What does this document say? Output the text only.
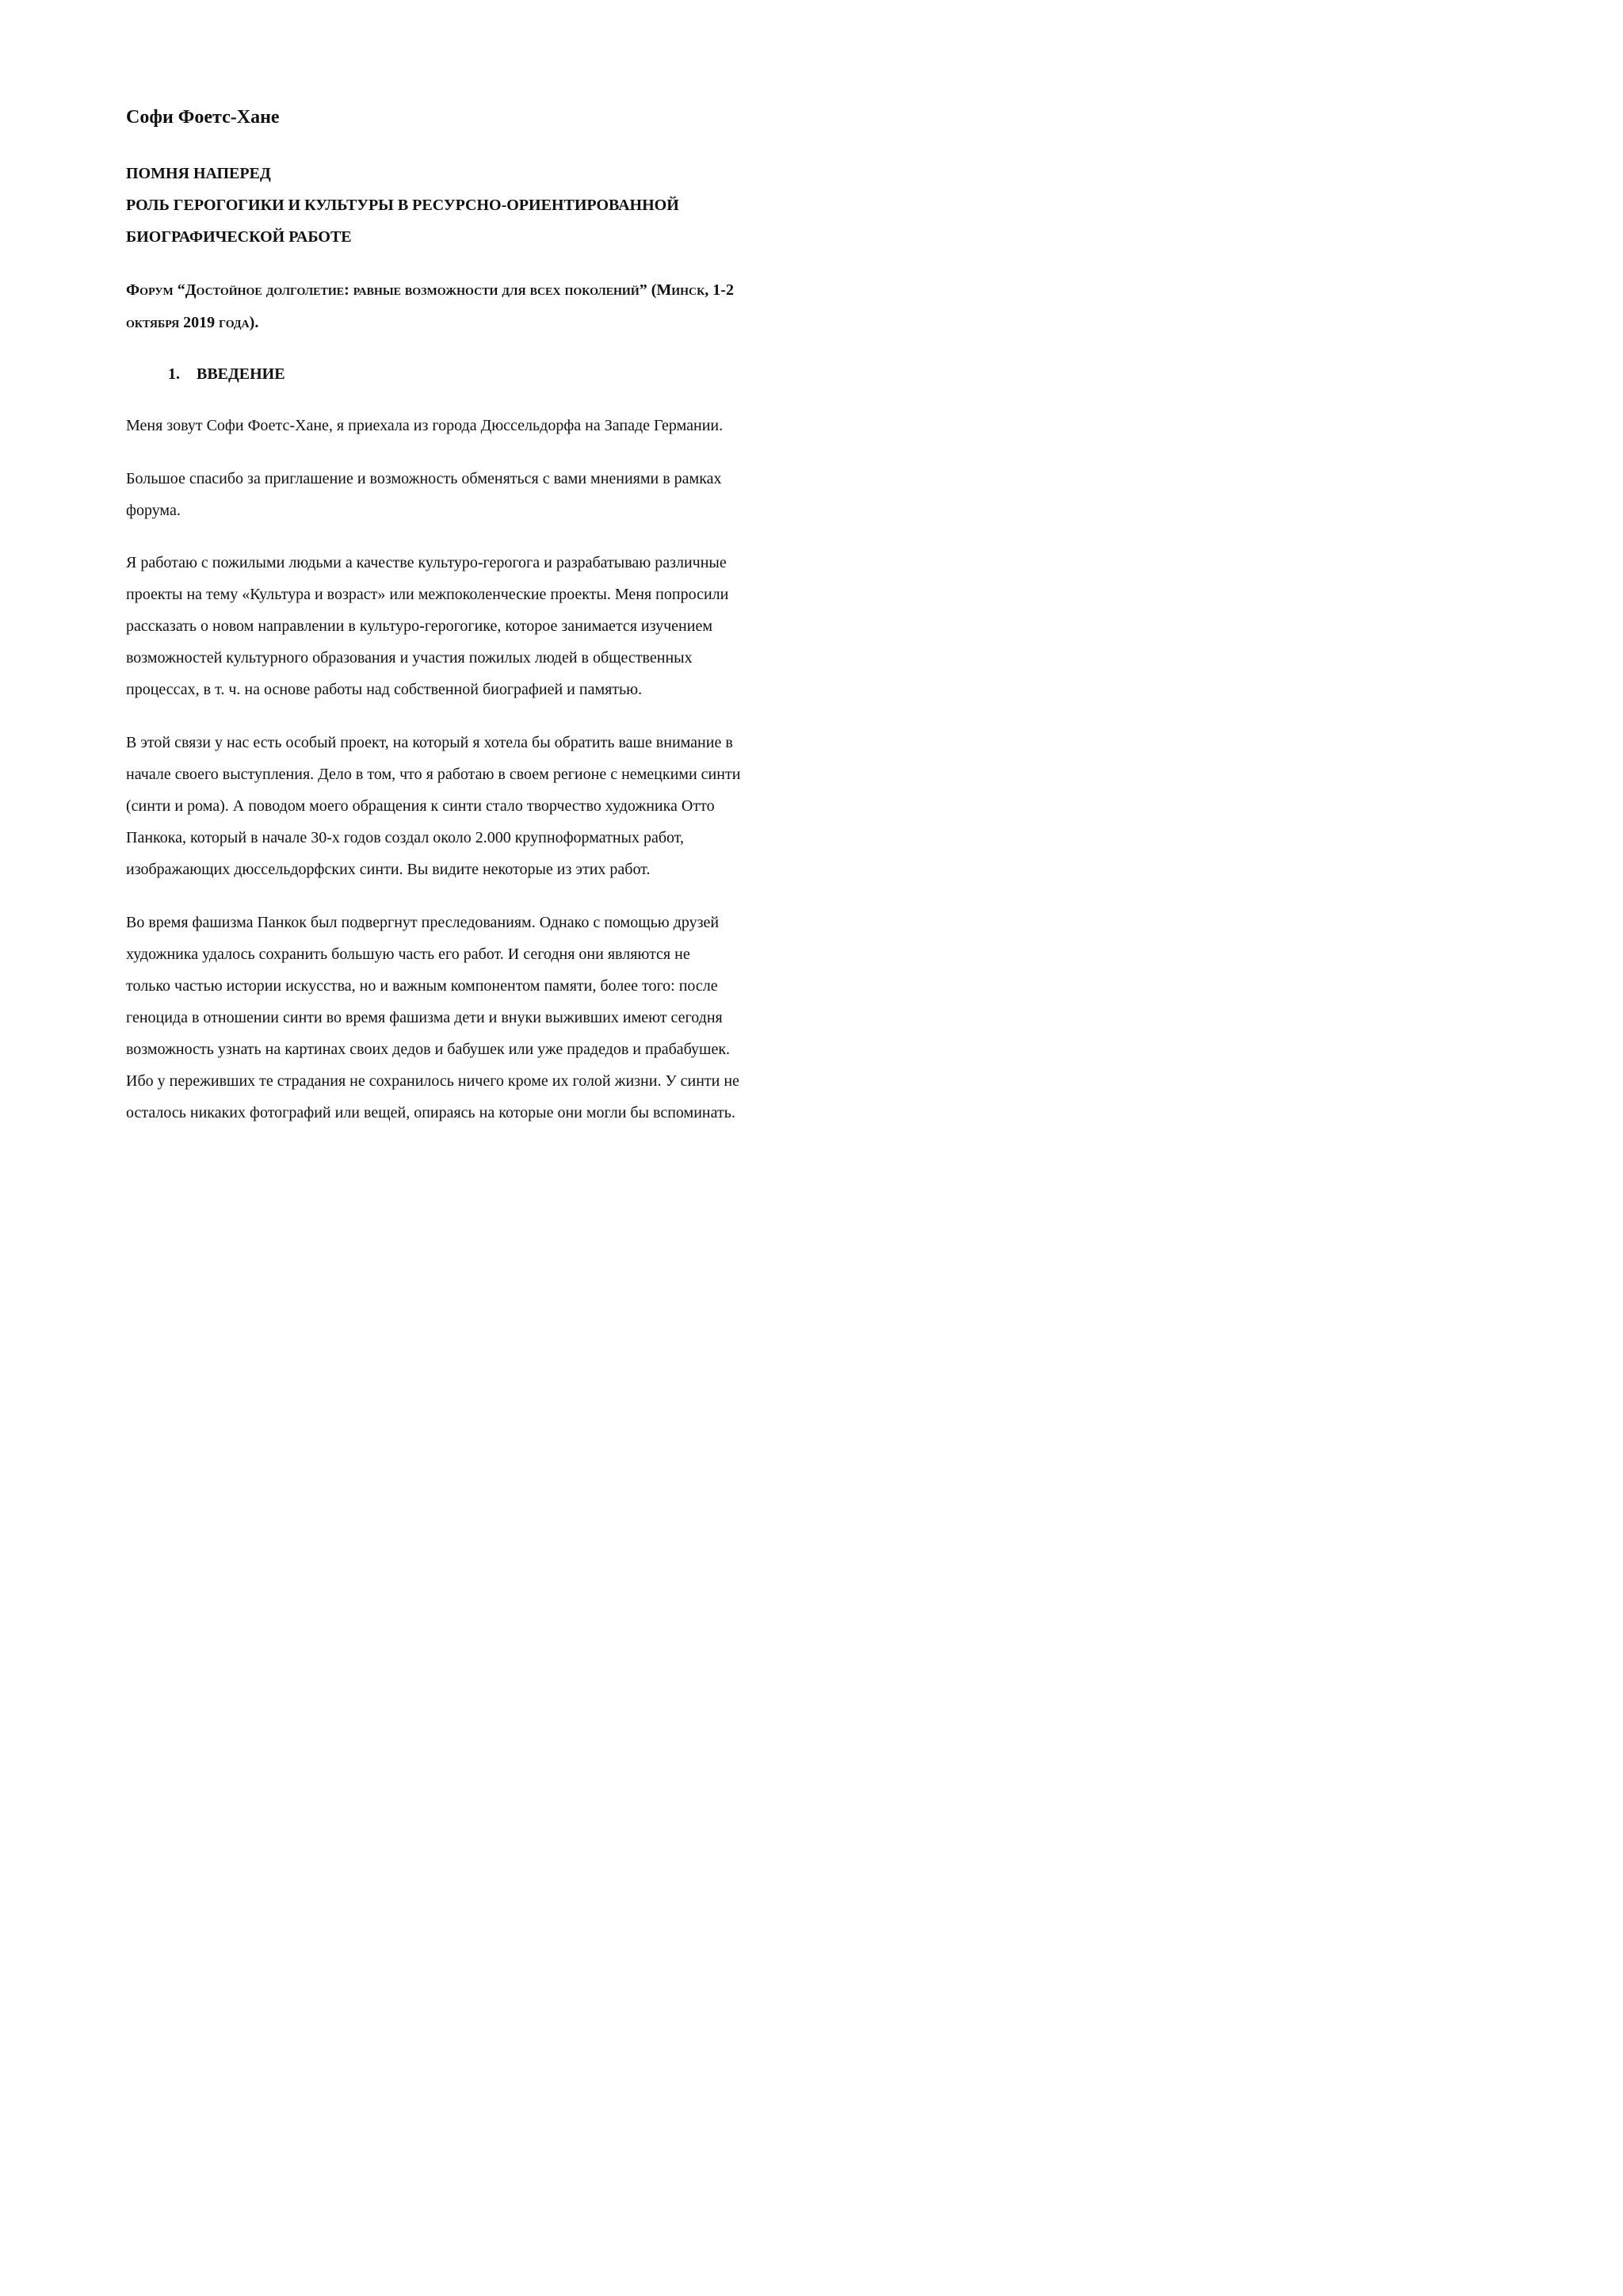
Софи Фоетс-Хане

ПОМНЯ НАПЕРЕД

РОЛЬ ГЕРОГОГИКИ И КУЛЬТУРЫ В РЕСУРСНО-ОРИЕНТИРОВАННОЙ

БИОГРАФИЧЕСКОЙ РАБОТЕ

Форум “Достойное долголетие: равные возможности для всех поколений” (Минск, 1-2

октября 2019 года).

1. ВВЕДЕНИЕ

Меня зовут Софи Фоетс-Хане, я приехала из города Дюссельдорфа на Западе Германии.

Большое спасибо за приглашение и возможность обменяться с вами мнениями в рамках

форума.

Я работаю с пожилыми людьми а качестве культуро-герогога и разрабатываю различные

проекты на тему «Культура и возраст» или межпоколенческие проекты. Меня попросили

рассказать о новом направлении в культуро-герогогике, которое занимается изучением

возможностей культурного образования и участия пожилых людей в общественных

процессах, в т. ч. на основе работы над собственной биографией и памятью.

В этой связи у нас есть особый проект, на который я хотела бы обратить ваше внимание в

начале своего выступления. Дело в том, что я работаю в своем регионе с немецкими синти

(синти и рома). А поводом моего обращения к синти стало творчество художника Отто

Панкока, который в начале 30-х годов создал около 2.000 крупноформатных работ,

изображающих дюссельдорфских синти. Вы видите некоторые из этих работ.

Во время фашизма Панкок был подвергнут преследованиям. Однако с помощью друзей

художника удалось сохранить большую часть его работ. И сегодня они являются не

только частью истории искусства, но и важным компонентом памяти, более того: после

геноцида в отношении синти во время фашизма дети и внуки выживших имеют сегодня

возможность узнать на картинах своих дедов и бабушек или уже прадедов и прабабушек.

Ибо у переживших те страдания не сохранилось ничего кроме их голой жизни. У синти не

осталось никаких фотографий или вещей, опираясь на которые они могли бы вспоминать.
